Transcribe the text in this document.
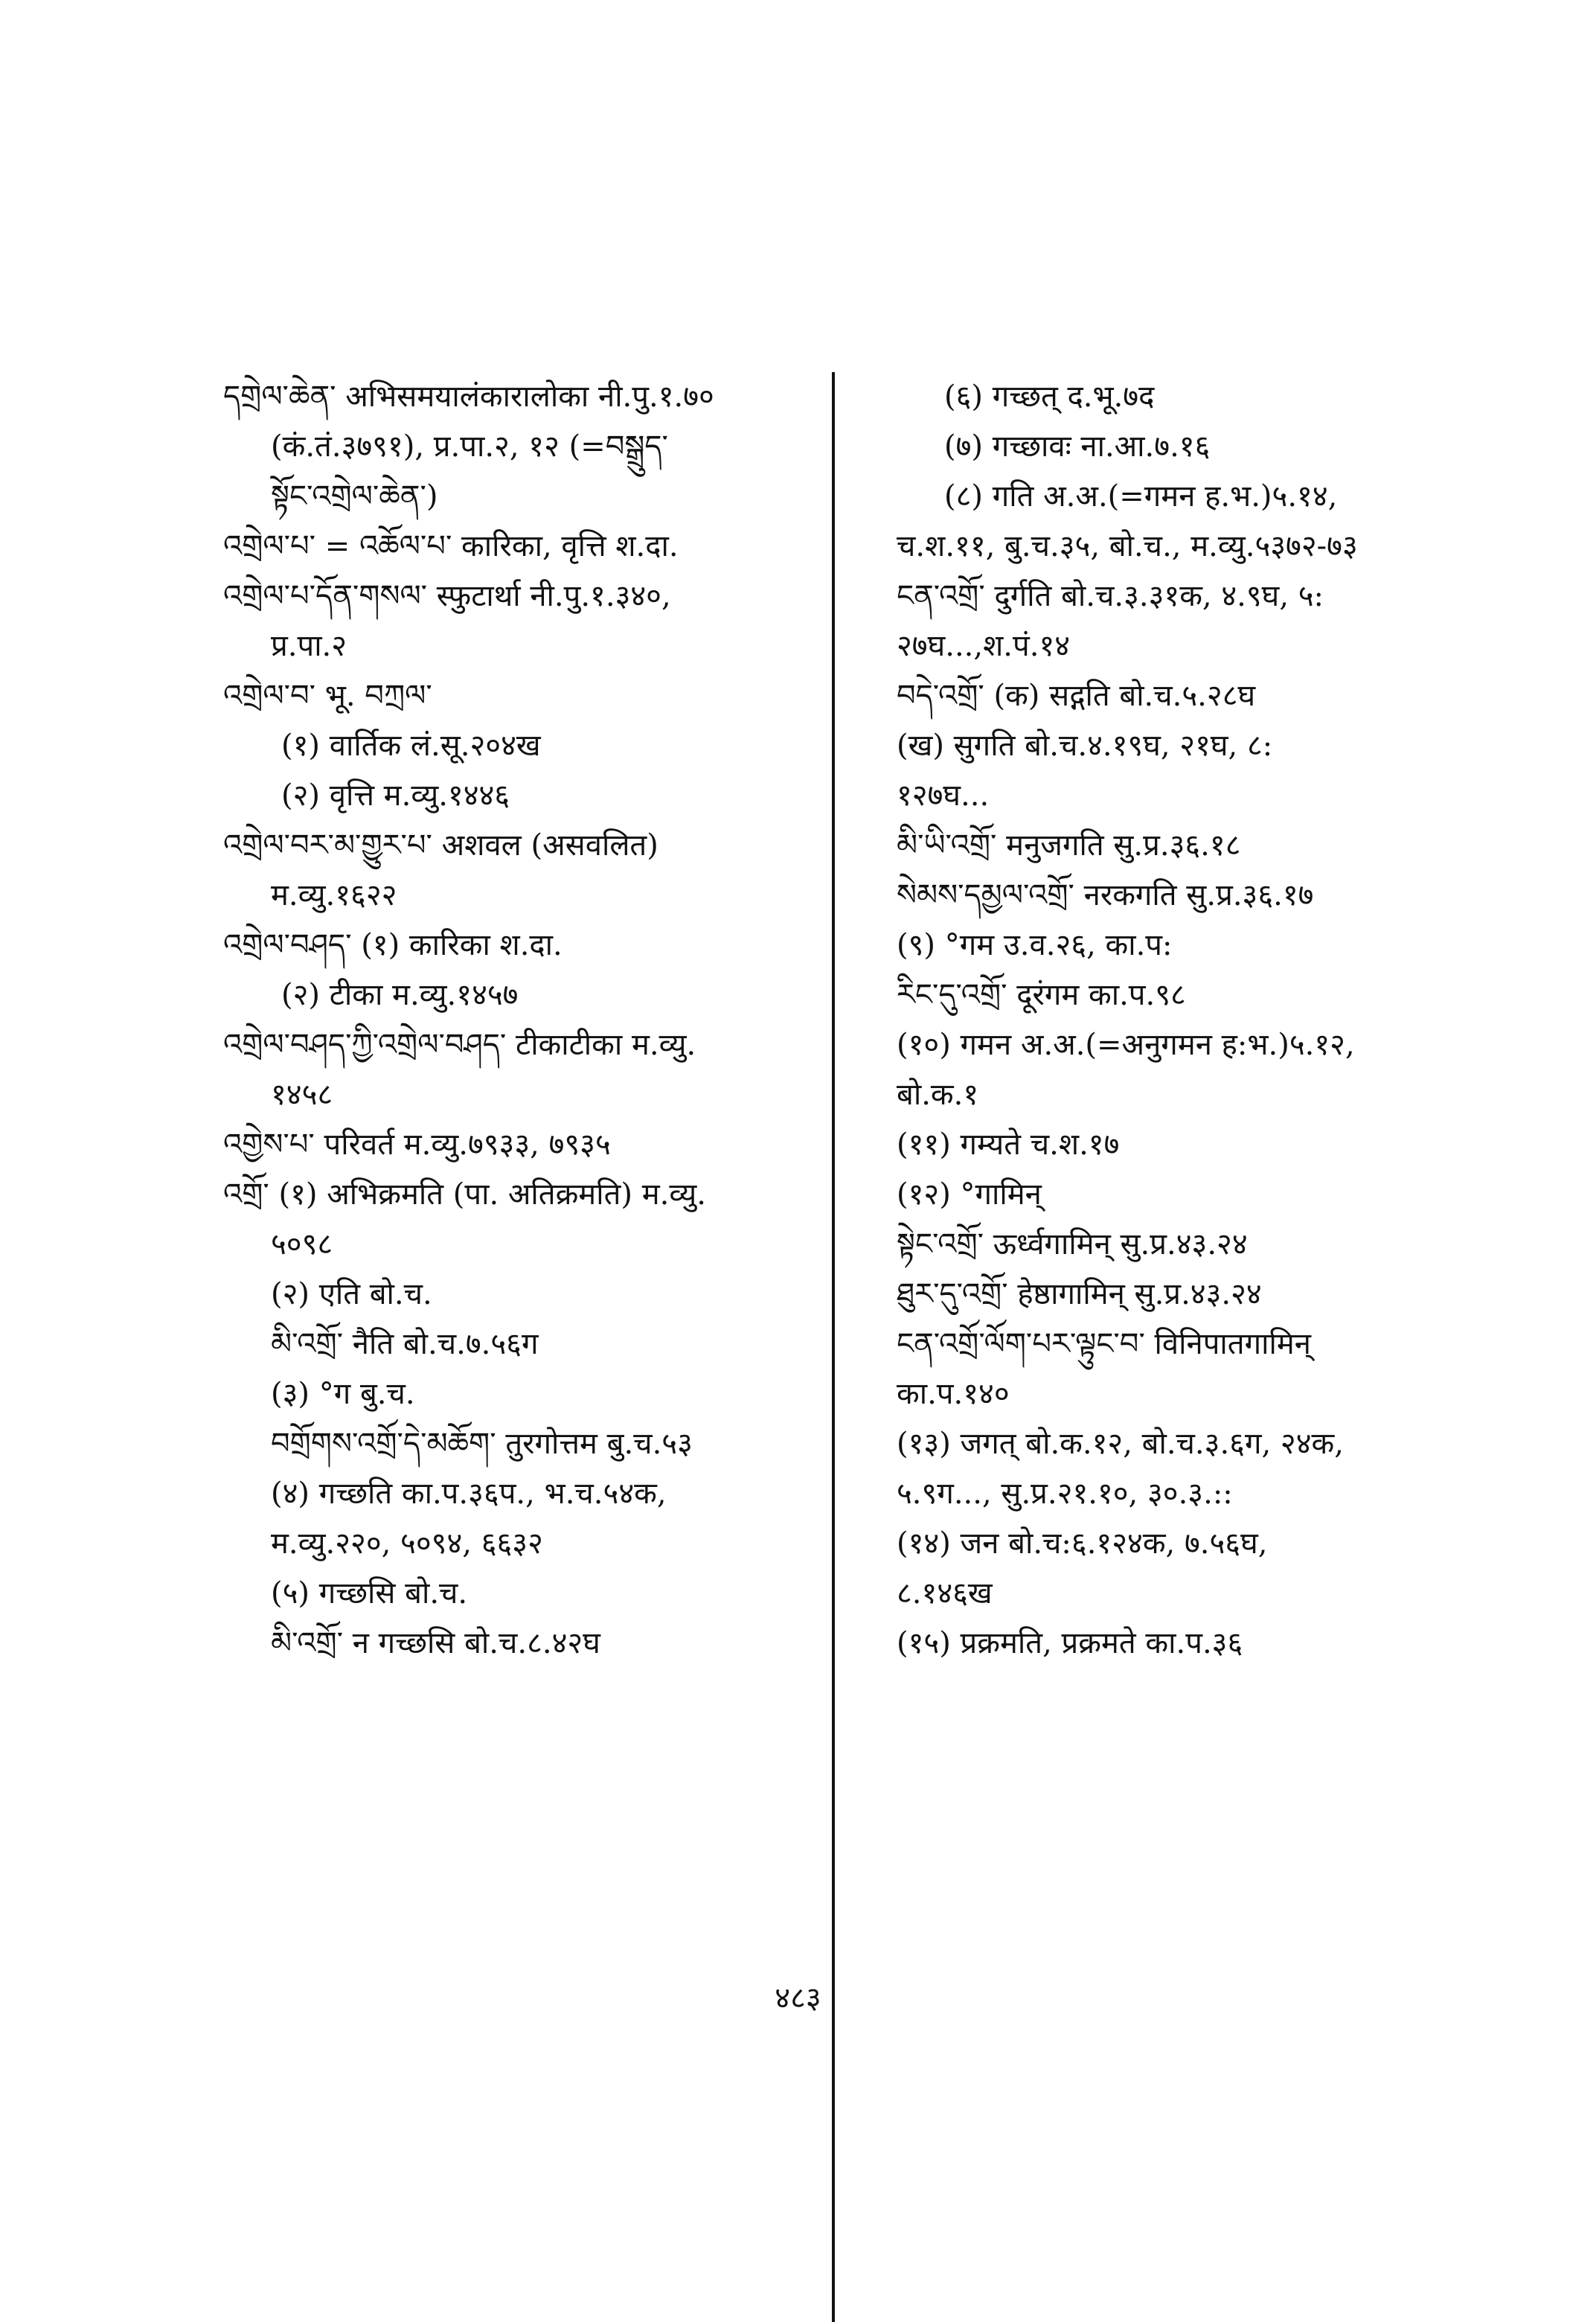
དགྲེལ་ཆེན་ अभिसमयालंकारालोका नी.पु.१.७०

(कं.तं.३७९१), प्र.पा.२, १२ (=བསྒྲུད་

སྟོང་འགྲེལ་ཆེན་)

འགྲེལ་པ་ = འཆོལ་པ་ कारिका, वृत्ति श.दा.

འགྲེལ་པ་དོན་གསལ་ स्फुटार्था नी.पु.१.३४०,

प्र.पा.२

འགྲེལ་བ་ भू. བཀྲལ་

(१) वार्तिक लं.सू.२०४ख

(२) वृत्ति म.व्यु.१४४६

འགྲེལ་བར་མ་གྱུར་པ་ अशवल (असवलित)

म.व्यु.१६२२

འགྲེལ་བཤད་ (१) कारिका श.दा.

(२) टीका म.व्यु.१४५७

འགྲེལ་བཤད་ཀྱི་འགྲེལ་བཤད་ टीकाटीका म.व्यु.

१४५८

འགྱེས་པ་ परिवर्त म.व्यु.७९३३, ७९३५

འགྲོ་ (१) अभिक्रमति (पा. अतिक्रमति) म.व्यु.

५०९८

(२) एति बो.च.

མི་འགྲོ་ नैति बो.च.७.५६ग

(३) °ग बु.च.

བགྲོགས་འགྲོ་དེ་མཆོག་ तुरगोत्तम बु.च.५३

(४) गच्छति का.प.३६प., भ.च.५४क,

म.व्यु.२२०, ५०९४, ६६३२

(५) गच्छसि बो.च.

མི་འགྲོ་ न गच्छसि बो.च.८.४२घ

(६) गच्छत् द.भू.७द

(७) गच्छावः ना.आ.७.१६

(८) गति अ.अ.(=गमन ह.भ.)५.१४,

च.श.११, बु.च.३५, बो.च., म.व्यु.५३७२-७३

ངན་འགྲོ་ दुर्गति बो.च.३.३१क, ४.९घ, ५:

२७घ...,श.पं.१४

བདེ་འགྲོ་ (क) सद्गति बो.च.५.२८घ

(ख) सुगति बो.च.४.१९घ, २१घ, ८:

१२७घ...

མི་ཡི་འགྲོ་ मनुजगति सु.प्र.३६.१८

སེམས་དམྱལ་འགྲོ་ नरकगति सु.प्र.३६.१७

(९) °गम उ.व.२६, का.प:

རིང་དུ་འགྲོ་ दूरंगम का.प.९८

(१०) गमन अ.अ.(=अनुगमन ह:भ.)५.१२,

बो.क.१

(११) गम्यते च.श.१७

(१२) °गामिन्

སྟེང་འགྲོ་ ऊर्ध्वगामिन् सु.प्र.४३.२४

ཐུར་དུ་འགྲོ་ हेष्ठागामिन् सु.प्र.४३.२४

ངན་འགྲོ་ལོག་པར་ལྟུང་བ་ विनिपातगामिन्

का.प.१४०

(१३) जगत् बो.क.१२, बो.च.३.६ग, २४क,

५.९ग..., सु.प्र.२१.१०, ३०.३.::

(१४) जन बो.च:६.१२४क, ७.५६घ,

८.१४६ख

(१५) प्रक्रमति, प्रक्रमते का.प.३६

४८३
